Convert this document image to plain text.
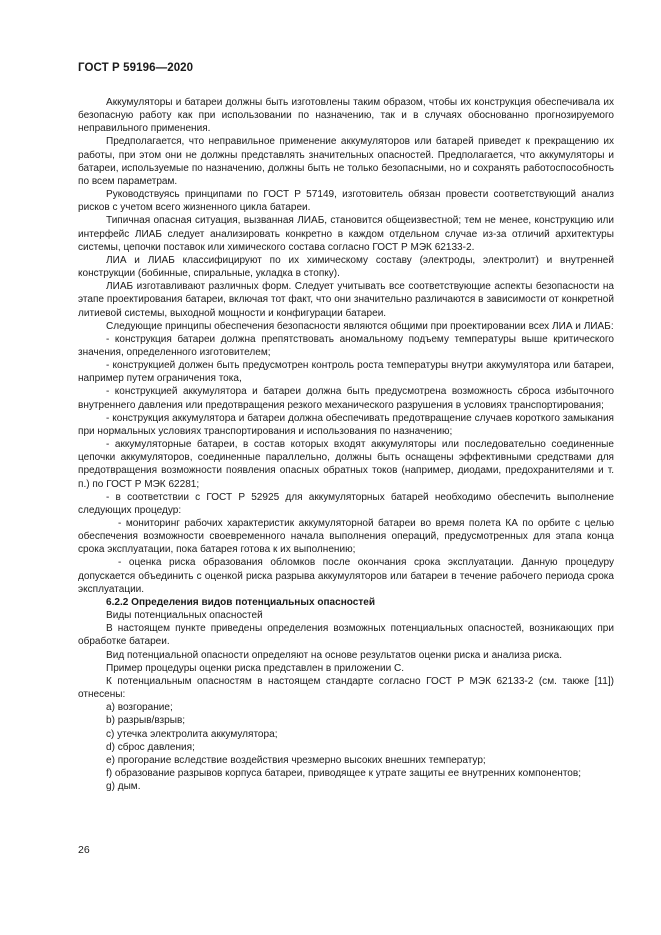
ГОСТ Р 59196—2020

Аккумуляторы и батареи должны быть изготовлены таким образом, чтобы их конструкция обеспечивала их безопасную работу как при использовании по назначению, так и в случаях обоснованно прогнозируемого неправильного применения.

Предполагается, что неправильное применение аккумуляторов или батарей приведет к прекращению их работы, при этом они не должны представлять значительных опасностей. Предполагается, что аккумуляторы и батареи, используемые по назначению, должны быть не только безопасными, но и сохранять работоспособность по всем параметрам.

Руководствуясь принципами по ГОСТ Р 57149, изготовитель обязан провести соответствующий анализ рисков с учетом всего жизненного цикла батареи.

Типичная опасная ситуация, вызванная ЛИАБ, становится общеизвестной; тем не менее, конструкцию или интерфейс ЛИАБ следует анализировать конкретно в каждом отдельном случае из-за отличий архитектуры системы, цепочки поставок или химического состава согласно ГОСТ Р МЭК 62133-2.

ЛИА и ЛИАБ классифицируют по их химическому составу (электроды, электролит) и внутренней конструкции (бобинные, спиральные, укладка в стопку).

ЛИАБ изготавливают различных форм. Следует учитывать все соответствующие аспекты безопасности на этапе проектирования батареи, включая тот факт, что они значительно различаются в зависимости от конкретной литиевой системы, выходной мощности и конфигурации батареи.

Следующие принципы обеспечения безопасности являются общими при проектировании всех ЛИА и ЛИАБ:

- конструкция батареи должна препятствовать аномальному подъему температуры выше критического значения, определенного изготовителем;

- конструкцией должен быть предусмотрен контроль роста температуры внутри аккумулятора или батареи, например путем ограничения тока,

- конструкцией аккумулятора и батареи должна быть предусмотрена возможность сброса избыточного внутреннего давления или предотвращения резкого механического разрушения в условиях транспортирования;

- конструкция аккумулятора и батареи должна обеспечивать предотвращение случаев короткого замыкания при нормальных условиях транспортирования и использования по назначению;

- аккумуляторные батареи, в состав которых входят аккумуляторы или последовательно соединенные цепочки аккумуляторов, соединенные параллельно, должны быть оснащены эффективными средствами для предотвращения возможности появления опасных обратных токов (например, диодами, предохранителями и т. п.) по ГОСТ Р МЭК 62281;

- в соответствии с ГОСТ Р 52925 для аккумуляторных батарей необходимо обеспечить выполнение следующих процедур:

- мониторинг рабочих характеристик аккумуляторной батареи во время полета КА по орбите с целью обеспечения возможности своевременного начала выполнения операций, предусмотренных для этапа конца срока эксплуатации, пока батарея готова к их выполнению;

- оценка риска образования обломков после окончания срока эксплуатации. Данную процедуру допускается объединить с оценкой риска разрыва аккумуляторов или батареи в течение рабочего периода срока эксплуатации.

6.2.2 Определения видов потенциальных опасностей

Виды потенциальных опасностей

В настоящем пункте приведены определения возможных потенциальных опасностей, возникающих при обработке батареи.

Вид потенциальной опасности определяют на основе результатов оценки риска и анализа риска.

Пример процедуры оценки риска представлен в приложении С.

К потенциальным опасностям в настоящем стандарте согласно ГОСТ Р МЭК 62133-2 (см. также [11]) отнесены:

a) возгорание;

b) разрыв/взрыв;

c) утечка электролита аккумулятора;

d) сброс давления;

e) прогорание вследствие воздействия чрезмерно высоких внешних температур;

f) образование разрывов корпуса батареи, приводящее к утрате защиты ее внутренних компонентов;

g) дым.

26
